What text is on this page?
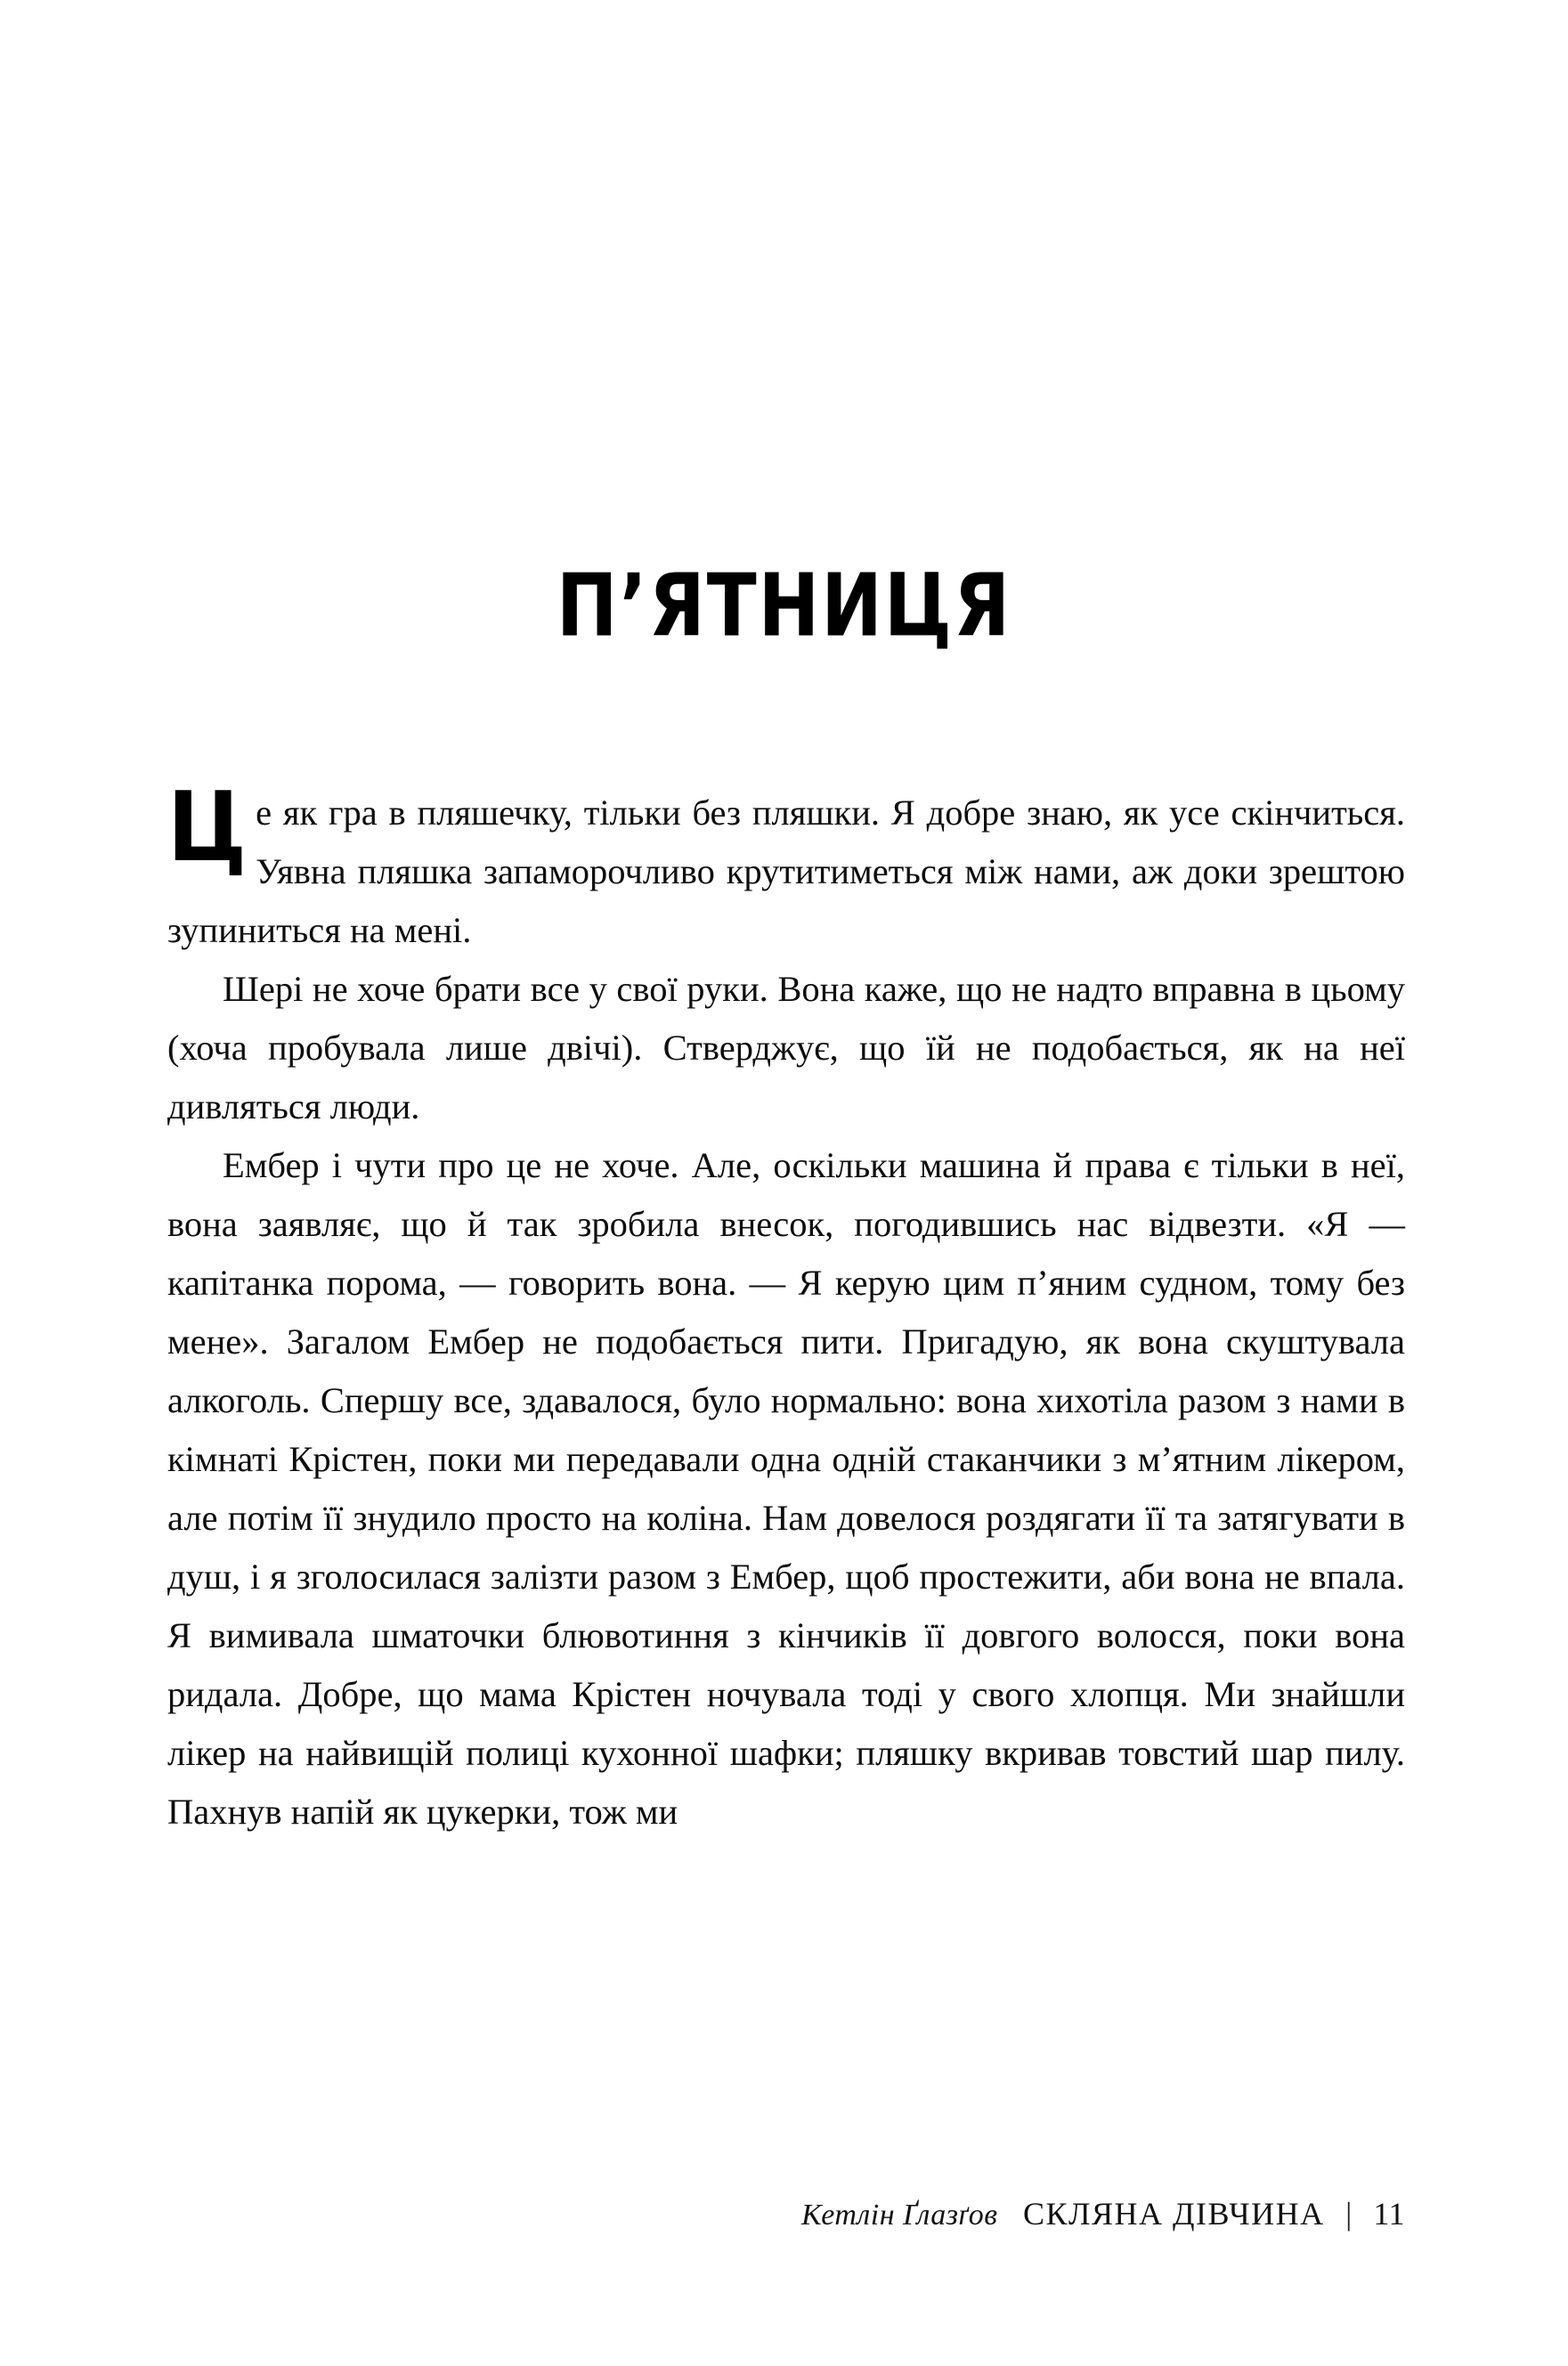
П’ЯТНИЦЯ

Це як гра в пляшечку, тільки без пляшки. Я добре знаю, як усе скінчиться. Уявна пляшка запаморочливо крутитиметься між нами, аж доки зрештою зупиниться на мені.

Шері не хоче брати все у свої руки. Вона каже, що не надто вправна в цьому (хоча пробувала лише двічі). Стверджує, що їй не подобається, як на неї дивляться люди.

Ембер і чути про це не хоче. Але, оскільки машина й права є тільки в неї, вона заявляє, що й так зробила внесок, погодившись нас відвезти. «Я — капітанка порома, — говорить вона. — Я керую цим п’яним судном, тому без мене». Загалом Ембер не подобається пити. Пригадую, як вона скуштувала алкоголь. Спершу все, здавалося, було нормально: вона хихотіла разом з нами в кімнаті Крістен, поки ми передавали одна одній стаканчики з м’ятним лікером, але потім її знудило просто на коліна. Нам довелося роздягати її та затягувати в душ, і я зголосилася залізти разом з Ембер, щоб простежити, аби вона не впала. Я вимивала шматочки блювотиння з кінчиків її довгого волосся, поки вона ридала. Добре, що мама Крістен ночувала тоді у свого хлопця. Ми знайшли лікер на найвищій полиці кухонної шафки; пляшку вкривав товстий шар пилу. Пахнув напій як цукерки, тож ми

Кетлін Ґлазґов СКЛЯНА ДІВЧИНА | 11
